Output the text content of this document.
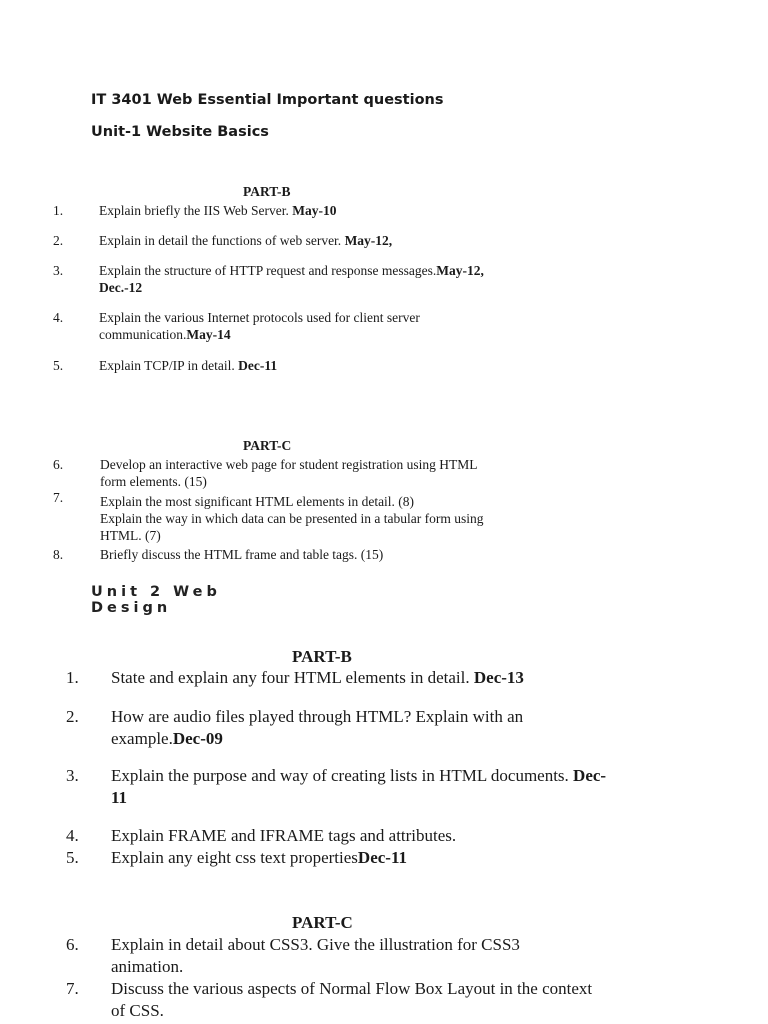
IT 3401 Web Essential Important questions
Unit-1 Website Basics
PART-B
1.	Explain briefly the IIS Web Server. May-10
2.	Explain in detail the functions of web server. May-12,
3.	Explain the structure of HTTP request and response messages.May-12,
Dec.-12
4.	Explain the various Internet protocols used for client server
communication.May-14
5.	Explain TCP/IP in detail. Dec-11
PART-C
6.	Develop an interactive web page for student registration using HTML
form elements. (15)
7.	Explain the most significant HTML elements in detail. (8)
Explain the way in which data can be presented in a tabular form using
HTML. (7)
8.	Briefly discuss the HTML frame and table tags. (15)
Unit 2 Web Design
PART-B
1. State and explain any four HTML elements in detail. Dec-13
2. How are audio files played through HTML? Explain with an
example.Dec-09
3. Explain the purpose and way of creating lists in HTML documents. Dec-
11
4. Explain FRAME and IFRAME tags and attributes.
5. Explain any eight css text propertiesDec-11
PART-C
6. Explain in detail about CSS3. Give the illustration for CSS3
animation.
7. Discuss the various aspects of Normal Flow Box Layout in the context
of CSS.
